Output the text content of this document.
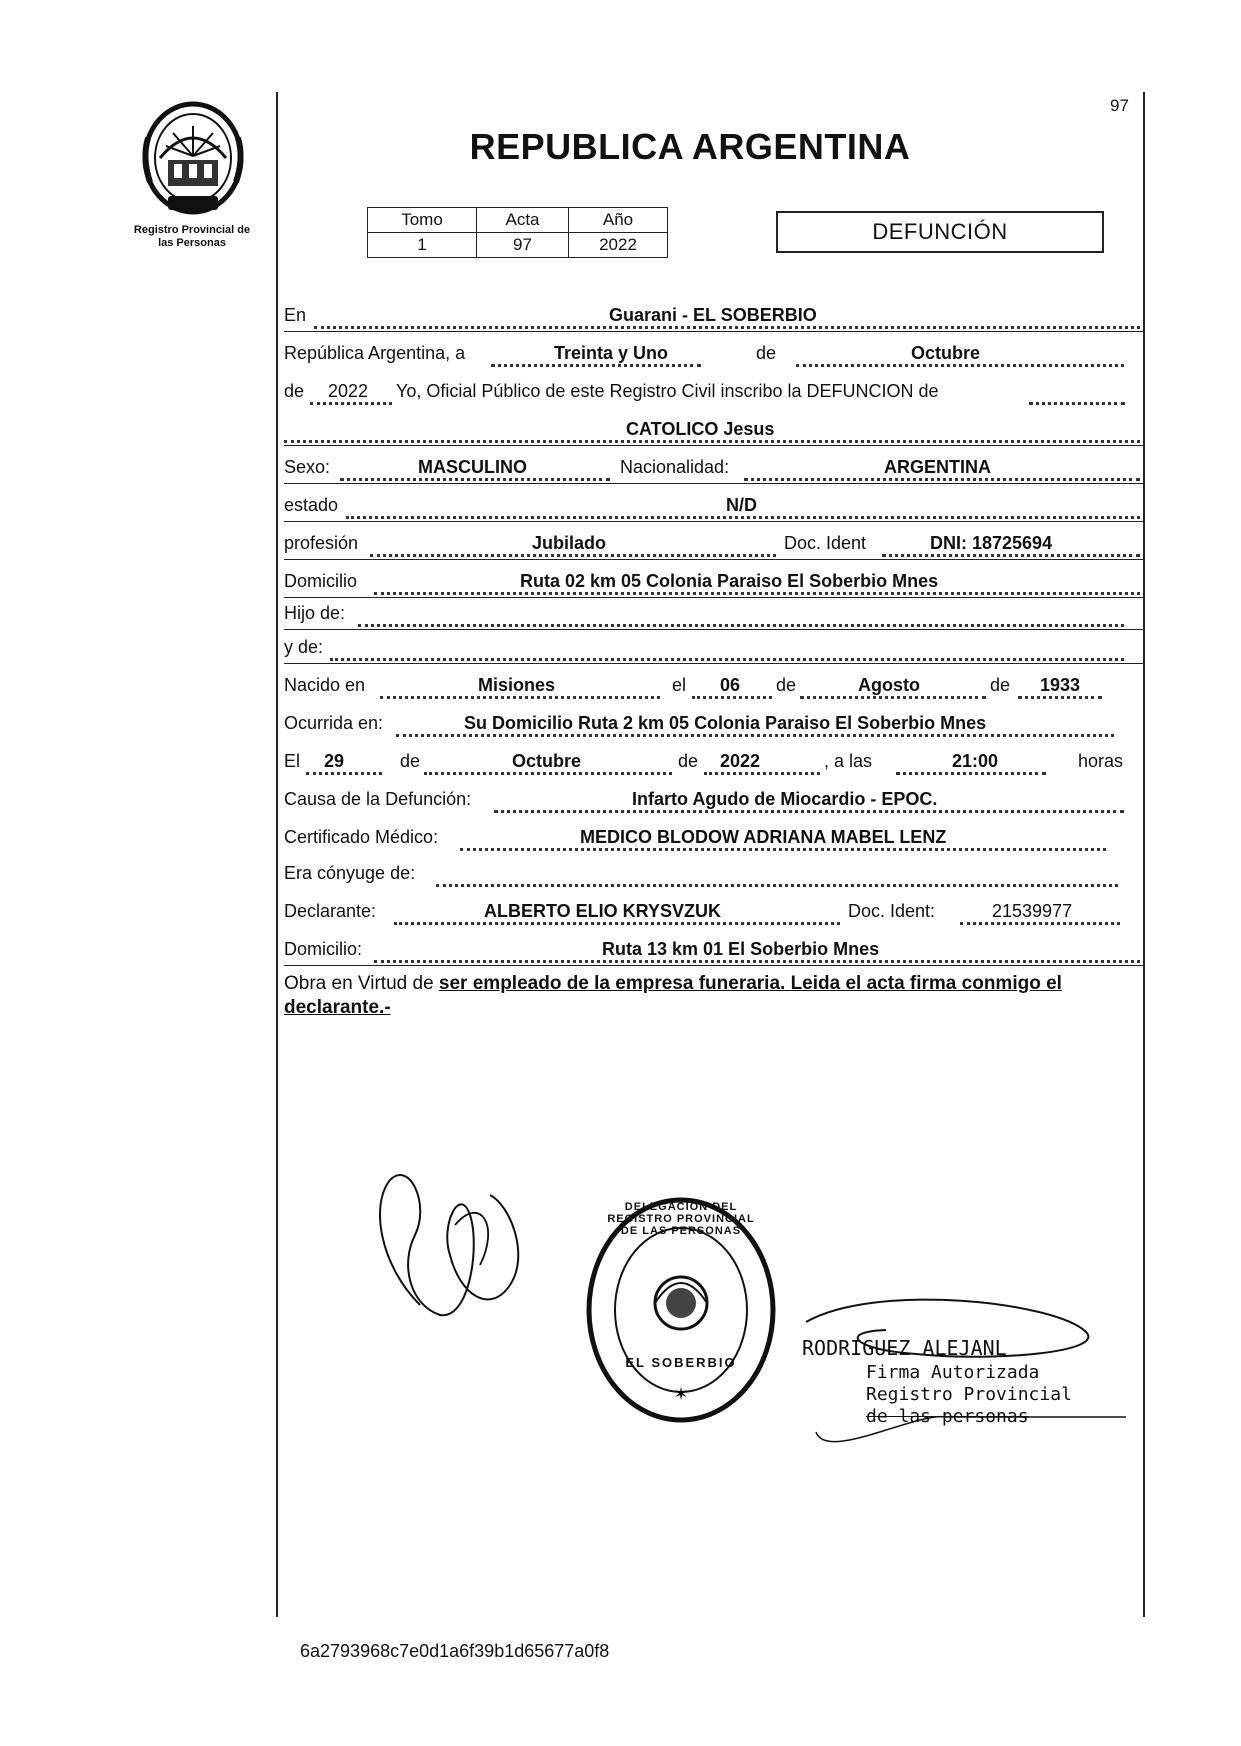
Registro Provincial de
las Personas
97
REPUBLICA ARGENTINA
Tomo	Acta	Año
1	97	2022
DEFUNCIÓN
En	Guarani - EL SOBERBIO
República Argentina, a	Treinta y Uno	de	Octubre
de 2022 Yo, Oficial Público de este Registro Civil inscribo la DEFUNCION de
CATOLICO Jesus
Sexo:	MASCULINO	Nacionalidad:	ARGENTINA
estado	N/D
profesión	Jubilado	Doc. Ident	DNI: 18725694
Domicilio	Ruta 02 km 05 Colonia Paraiso El Soberbio Mnes
Hijo de:
y de:
Nacido en	Misiones	el 06 de	Agosto	de 1933
Ocurrida en:	Su Domicilio Ruta 2 km 05 Colonia Paraiso El Soberbio Mnes
El 29	de	Octubre	de 2022	, a las	21:00	horas
Causa de la Defunción:	Infarto Agudo de Miocardio - EPOC.
Certificado Médico:	MEDICO BLODOW ADRIANA MABEL LENZ
Era cónyuge de:
Declarante:	ALBERTO ELIO KRYSVZUK	Doc. Ident:	21539977
Domicilio:	Ruta 13 km 01 El Soberbio Mnes
Obra en Virtud de ser empleado de la empresa funeraria. Leida el acta firma conmigo el
declarante.-
✶
DELEGACION DEL REGISTRO PROVINCIAL DE LAS PERSONAS
EL SOBERBIO
RODRIGUEZ ALEJANL
Firma Autorizada
Registro Provincial
de las personas
6a2793968c7e0d1a6f39b1d65677a0f8
